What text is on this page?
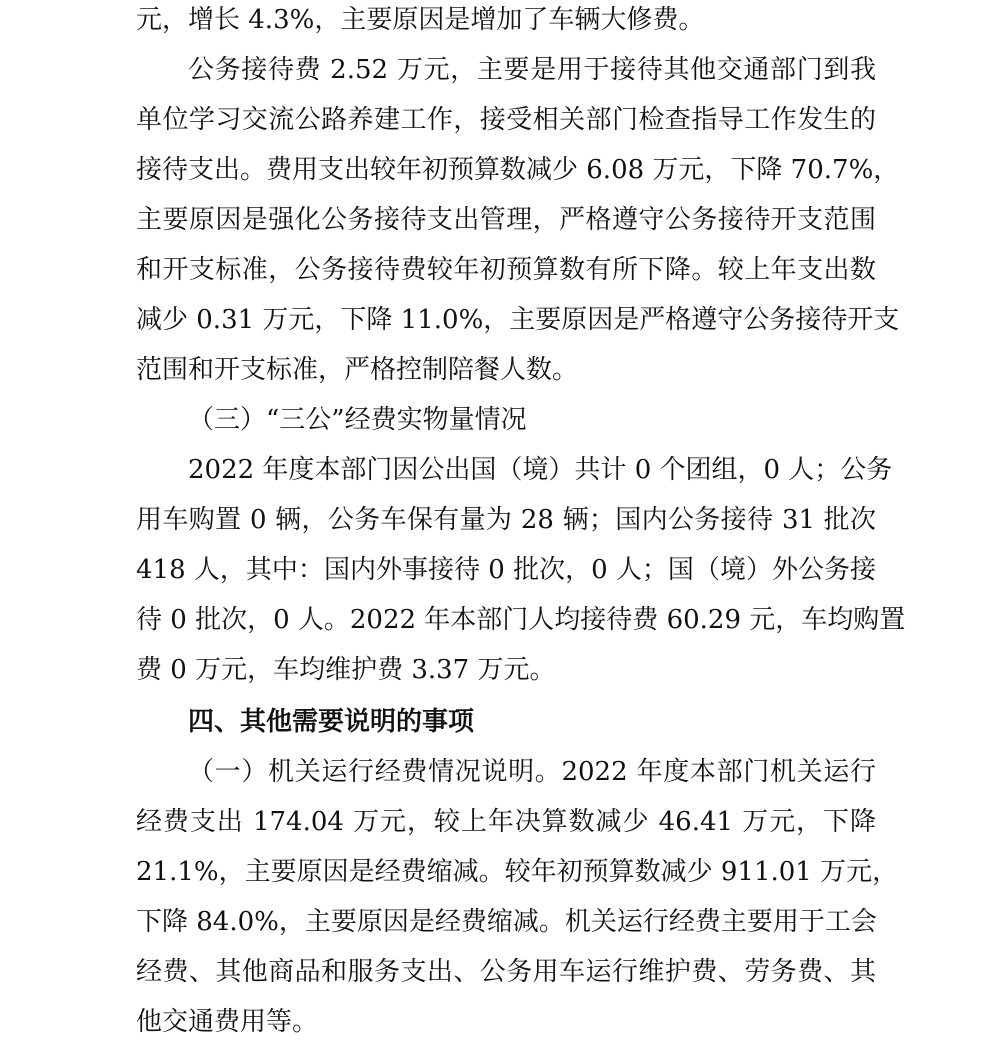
元，增长 4.3%，主要原因是增加了车辆大修费。
公务接待费 2.52 万元，主要是用于接待其他交通部门到我
单位学习交流公路养建工作，接受相关部门检查指导工作发生的
接待支出。费用支出较年初预算数减少 6.08 万元，下降 70.7%，
主要原因是强化公务接待支出管理，严格遵守公务接待开支范围
和开支标准，公务接待费较年初预算数有所下降。较上年支出数
减少 0.31 万元，下降 11.0%，主要原因是严格遵守公务接待开支
范围和开支标准，严格控制陪餐人数。
（三）“三公”经费实物量情况
2022 年度本部门因公出国（境）共计 0 个团组，0 人；公务
用车购置 0 辆，公务车保有量为 28 辆；国内公务接待 31 批次
418 人，其中：国内外事接待 0 批次，0 人；国（境）外公务接
待 0 批次，0 人。2022 年本部门人均接待费 60.29 元，车均购置
费 0 万元，车均维护费 3.37 万元。
四、其他需要说明的事项
（一）机关运行经费情况说明。2022 年度本部门机关运行
经费支出 174.04 万元，较上年决算数减少 46.41 万元，下降
21.1%，主要原因是经费缩减。较年初预算数减少 911.01 万元，
下降 84.0%，主要原因是经费缩减。机关运行经费主要用于工会
经费、其他商品和服务支出、公务用车运行维护费、劳务费、其
他交通费用等。
